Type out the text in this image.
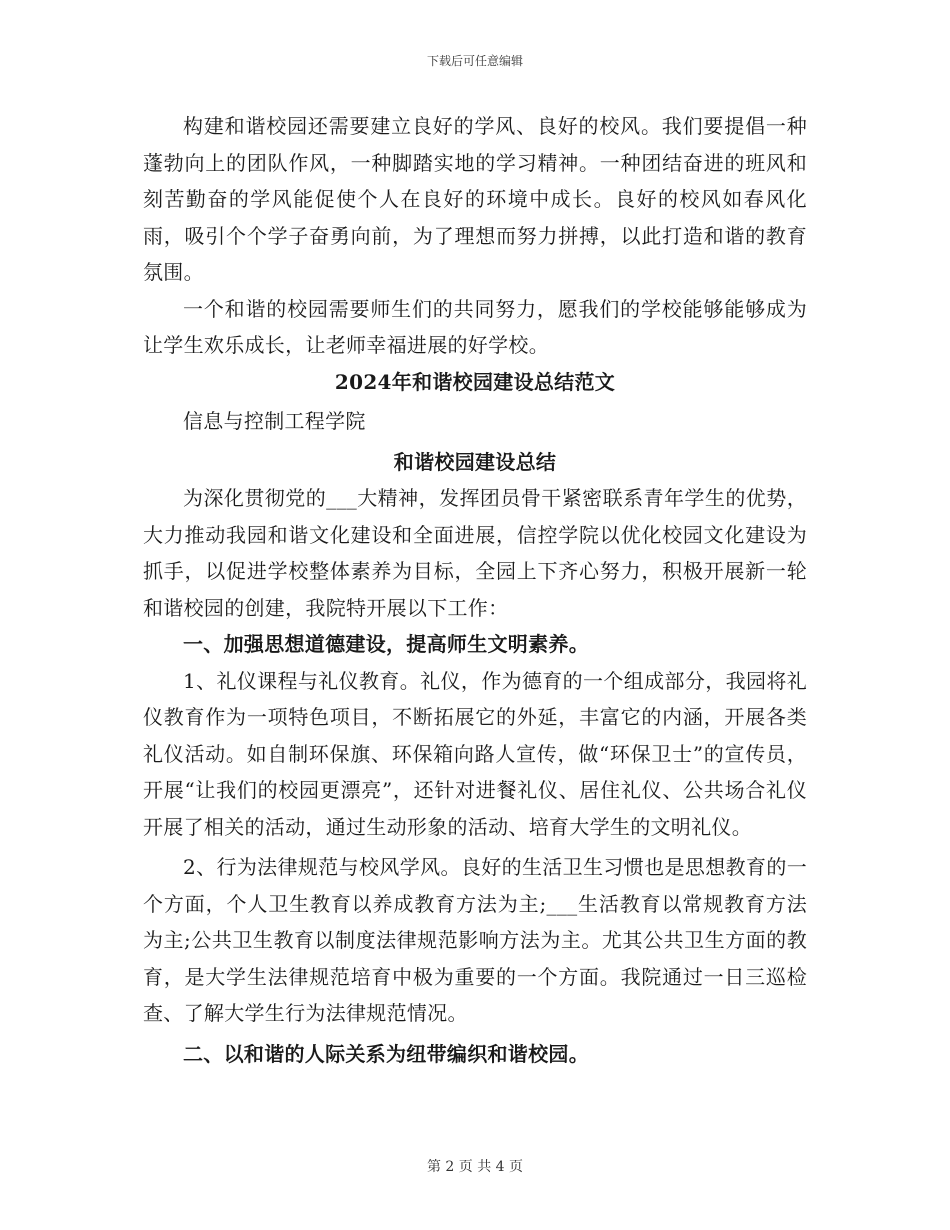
下载后可任意编辑

构建和谐校园还需要建立良好的学风、良好的校风。我们要提倡一种蓬勃向上的团队作风，一种脚踏实地的学习精神。一种团结奋进的班风和刻苦勤奋的学风能促使个人在良好的环境中成长。良好的校风如春风化雨，吸引个个学子奋勇向前，为了理想而努力拼搏，以此打造和谐的教育氛围。

一个和谐的校园需要师生们的共同努力，愿我们的学校能够能够成为让学生欢乐成长，让老师幸福进展的好学校。

2024年和谐校园建设总结范文

信息与控制工程学院

和谐校园建设总结

为深化贯彻党的___大精神，发挥团员骨干紧密联系青年学生的优势，大力推动我园和谐文化建设和全面进展，信控学院以优化校园文化建设为抓手，以促进学校整体素养为目标，全园上下齐心努力，积极开展新一轮和谐校园的创建，我院特开展以下工作：

一、加强思想道德建设，提高师生文明素养。

1、礼仪课程与礼仪教育。礼仪，作为德育的一个组成部分，我园将礼仪教育作为一项特色项目，不断拓展它的外延，丰富它的内涵，开展各类礼仪活动。如自制环保旗、环保箱向路人宣传，做“环保卫士”的宣传员，开展“让我们的校园更漂亮”，还针对进餐礼仪、居住礼仪、公共场合礼仪开展了相关的活动，通过生动形象的活动、培育大学生的文明礼仪。

2、行为法律规范与校风学风。良好的生活卫生习惯也是思想教育的一个方面，个人卫生教育以养成教育方法为主;___生活教育以常规教育方法为主;公共卫生教育以制度法律规范影响方法为主。尤其公共卫生方面的教育，是大学生法律规范培育中极为重要的一个方面。我院通过一日三巡检查、了解大学生行为法律规范情况。

二、以和谐的人际关系为纽带编织和谐校园。

第 2 页 共 4 页
